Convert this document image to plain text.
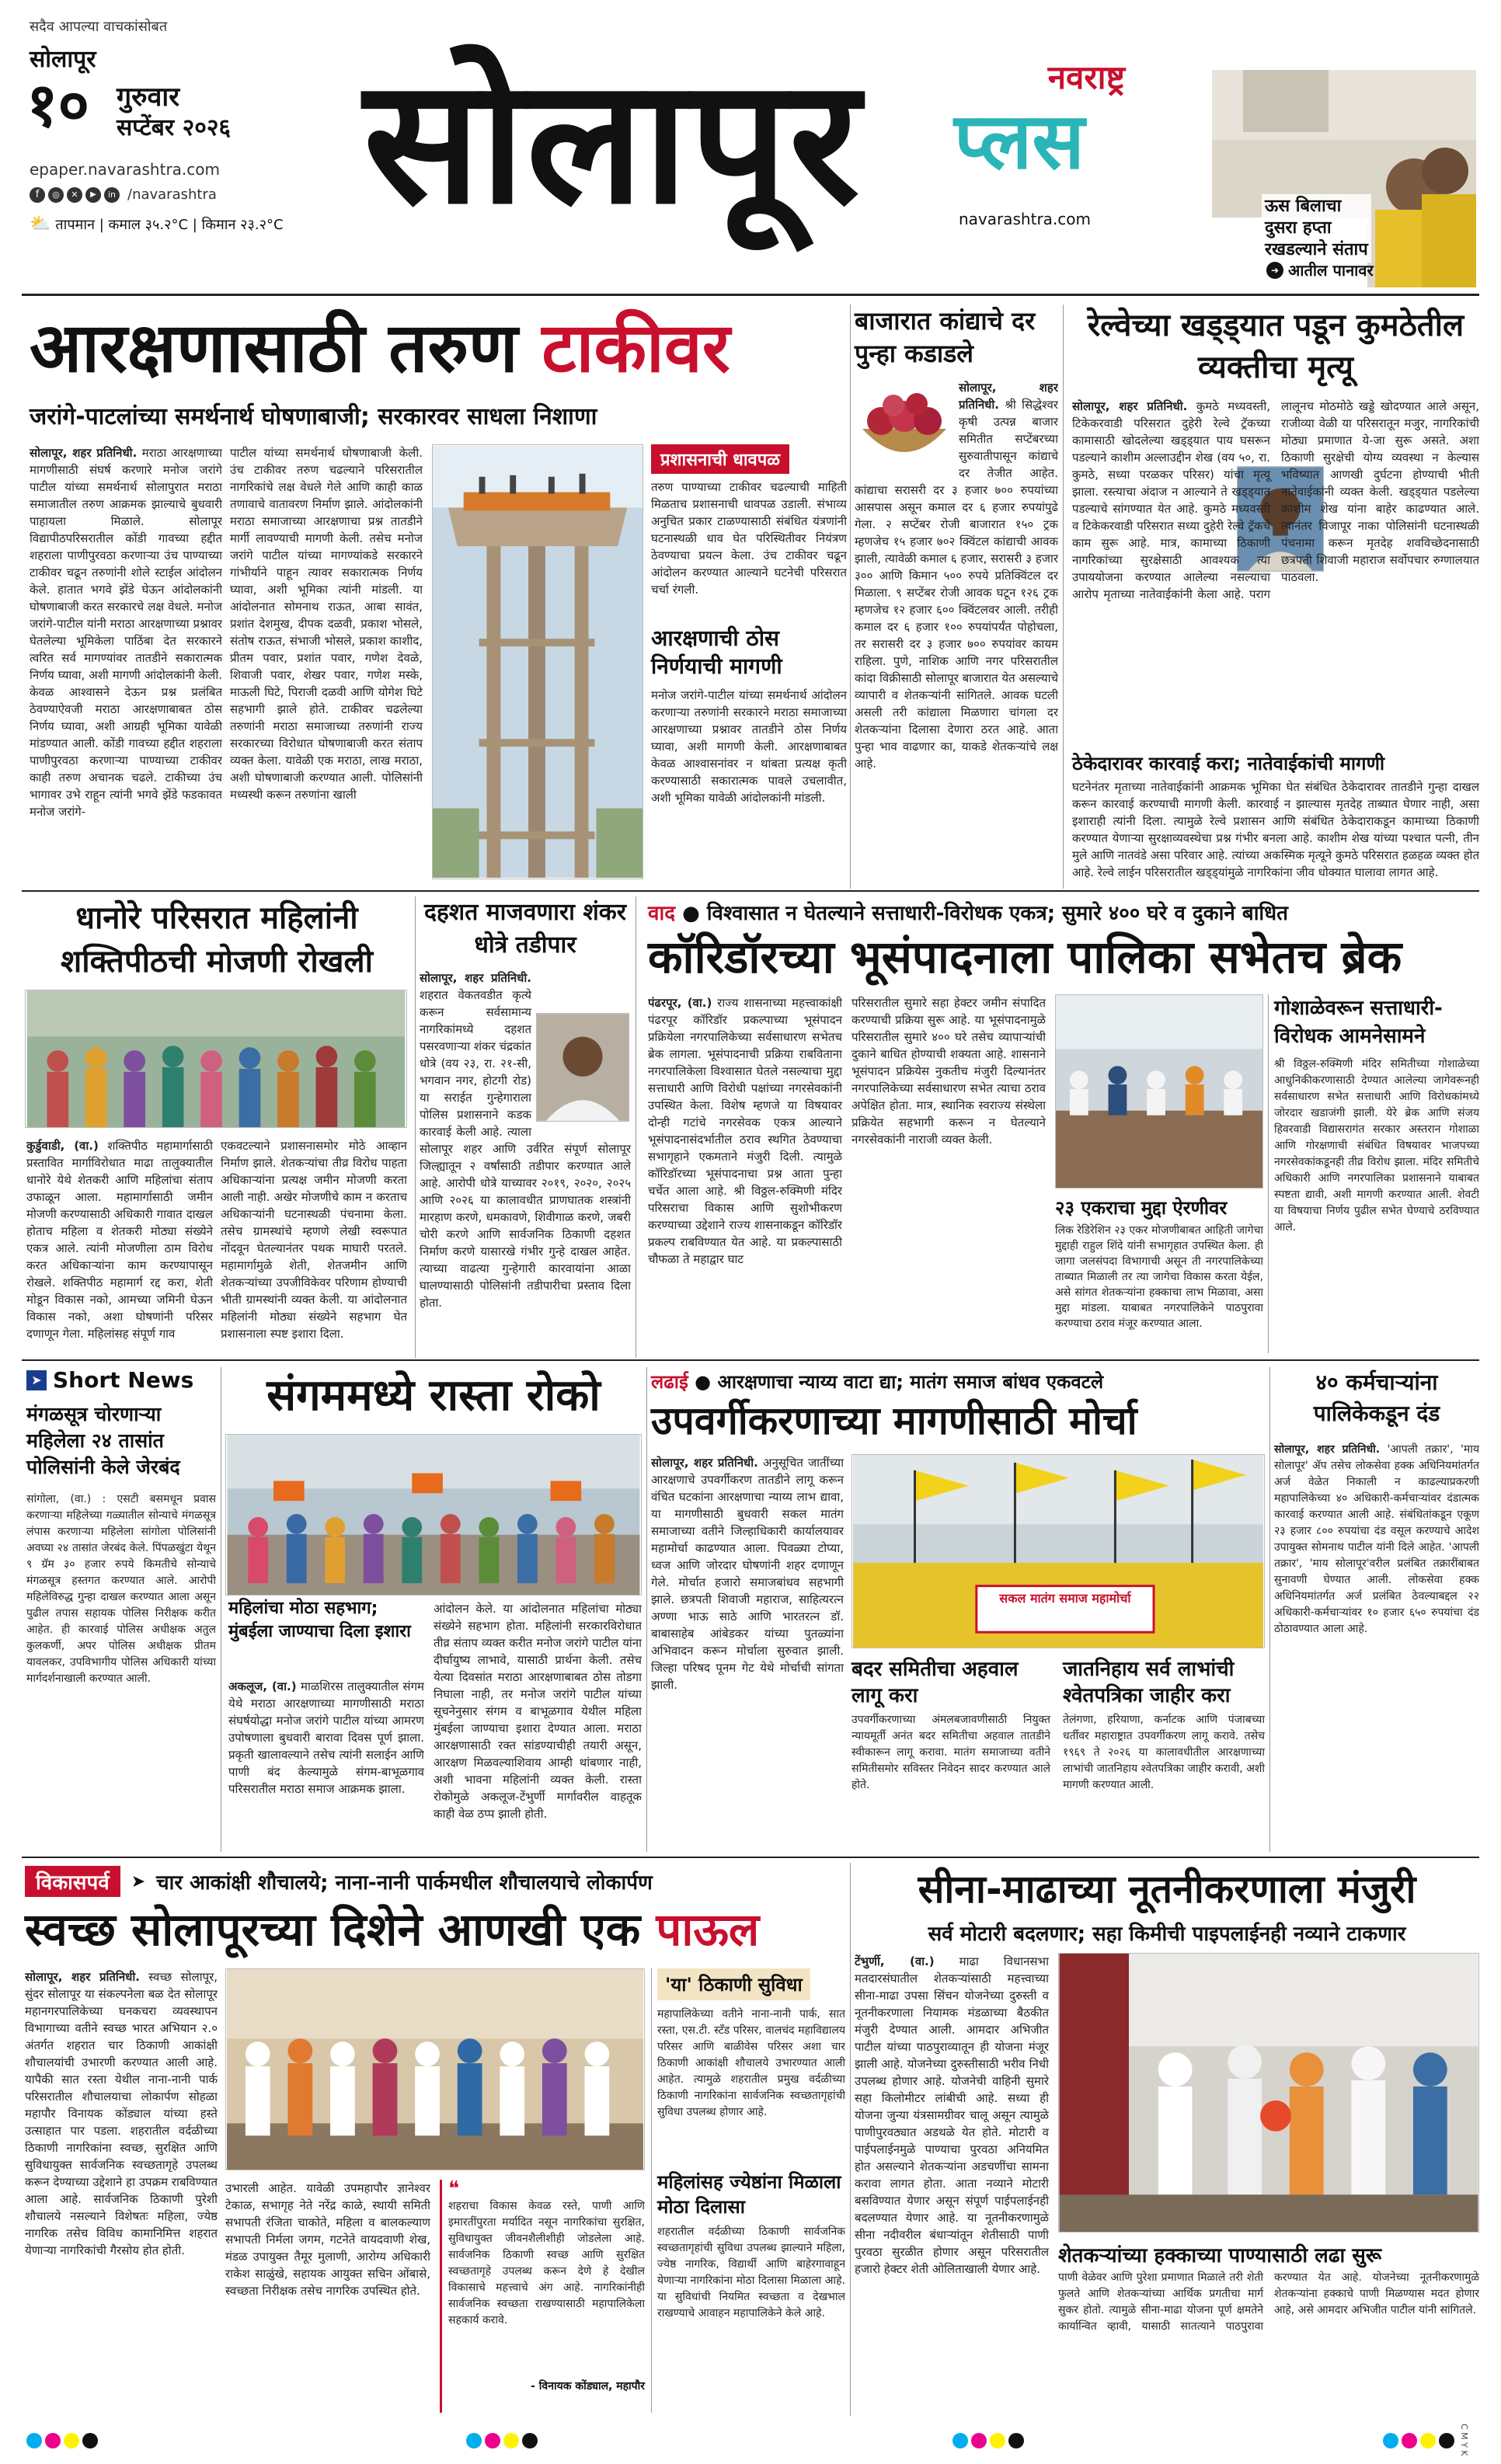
सदैव आपल्या वाचकांसोबत
सोलापूर
१० गुरुवार
सप्टेंबर २०२६
epaper.navarashtra.com
f	◎	✕	▶	in /navarashtra
⛅ तापमान | कमाल ३५.२°C | किमान २३.२°C सोलापूर	नवराष्ट्र
प्लस
navarashtra.com
ऊस बिलाचा
दुसरा हप्ता
रखडल्याने संताप
➜ आतील पानावर
आरक्षणासाठी तरुण टाकीवर
जरांगे-पाटलांच्या समर्थनार्थ घोषणाबाजी; सरकारवर साधला निशाणा
सोलापूर, शहर प्रतिनिधी. मराठा आरक्षणाच्या मागणीसाठी संघर्ष करणारे मनोज जरांगे पाटील यांच्या समर्थनार्थ सोलापुरात मराठा समाजातील तरुण आक्रमक झाल्याचे बुधवारी पाहायला मिळाले. सोलापूर विद्यापीठपरिसरातील कोंडी गावच्या हद्दीत शहराला पाणीपुरवठा करणाऱ्या उंच पाण्याच्या टाकीवर चढून तरुणांनी शोले स्टाईल आंदोलन केले. हातात भगवे झेंडे घेऊन आंदोलकांनी घोषणाबाजी करत सरकारचे लक्ष वेधले. मनोज जरांगे-पाटील यांनी मराठा आरक्षणाच्या प्रश्नावर घेतलेल्या भूमिकेला पाठिंबा देत सरकारने त्वरित सर्व मागण्यांवर तातडीने सकारात्मक निर्णय घ्यावा, अशी मागणी आंदोलकांनी केली. केवळ आश्वासने देऊन प्रश्न प्रलंबित ठेवण्याऐवजी मराठा आरक्षणाबाबत ठोस निर्णय घ्यावा, अशी आग्रही भूमिका यावेळी मांडण्यात आली. कोंडी गावच्या हद्दीत शहराला पाणीपुरवठा करणाऱ्या पाण्याच्या टाकीवर काही तरुण अचानक चढले. टाकीच्या उंच भागावर उभे राहून त्यांनी भगवे झेंडे फडकावत मनोज जरांगे-
पाटील यांच्या समर्थनार्थ घोषणाबाजी केली. उंच टाकीवर तरुण चढल्याने परिसरातील नागरिकांचे लक्ष वेधले गेले आणि काही काळ तणावाचे वातावरण निर्माण झाले. आंदोलकांनी मराठा समाजाच्या आरक्षणाचा प्रश्न तातडीने मार्गी लावण्याची मागणी केली. तसेच मनोज जरांगे पाटील यांच्या मागण्यांकडे सरकारने गांभीर्याने पाहून त्यावर सकारात्मक निर्णय घ्यावा, अशी भूमिका त्यांनी मांडली. या आंदोलनात सोमनाथ राऊत, आबा सावंत, प्रशांत देशमुख, दीपक दळवी, प्रकाश भोसले, संतोष राऊत, संभाजी भोसले, प्रकाश काशीद, प्रीतम पवार, प्रशांत पवार, गणेश देवळे, शिवाजी पवार, शेखर पवार, गणेश मस्के, माऊली घिटे, पिराजी दळवी आणि योगेश घिटे सहभागी झाले होते. टाकीवर चढलेल्या तरुणांनी मराठा समाजाच्या तरुणांनी राज्य सरकारच्या विरोधात घोषणाबाजी करत संताप व्यक्त केला. यावेळी एक मराठा, लाख मराठा, अशी घोषणाबाजी करण्यात आली. पोलिसांनी मध्यस्थी करून तरुणांना खाली
प्रशासनाची धावपळ
तरुण पाण्याच्या टाकीवर चढल्याची माहिती मिळताच प्रशासनाची धावपळ उडाली. संभाव्य अनुचित प्रकार टाळण्यासाठी संबंधित यंत्रणांनी घटनास्थळी धाव घेत परिस्थितीवर नियंत्रण ठेवण्याचा प्रयत्न केला. उंच टाकीवर चढून आंदोलन करण्यात आल्याने घटनेची परिसरात चर्चा रंगली.
आरक्षणाची ठोस निर्णयाची मागणी
मनोज जरांगे-पाटील यांच्या समर्थनार्थ आंदोलन करणाऱ्या तरुणांनी सरकारने मराठा समाजाच्या आरक्षणाच्या प्रश्नावर तातडीने ठोस निर्णय घ्यावा, अशी मागणी केली. आरक्षणाबाबत केवळ आश्वासनांवर न थांबता प्रत्यक्ष कृती करण्यासाठी सकारात्मक पावले उचलावीत, अशी भूमिका यावेळी आंदोलकांनी मांडली.
बाजारात कांद्याचे दर पुन्हा कडाडले
सोलापूर, शहर प्रतिनिधी. श्री सिद्धेश्वर कृषी उत्पन्न बाजार समितीत सप्टेंबरच्या सुरुवातीपासून कांद्याचे दर तेजीत आहेत. कांद्याचा सरासरी दर ३ हजार ७०० रुपयांच्या आसपास असून कमाल दर ६ हजार रुपयांपुढे गेला. २ सप्टेंबर रोजी बाजारात १५० ट्रक म्हणजेच १५ हजार ७०२ क्विंटल कांद्याची आवक झाली, त्यावेळी कमाल ६ हजार, सरासरी ३ हजार ३०० आणि किमान ५०० रुपये प्रतिक्विंटल दर मिळाला. ९ सप्टेंबर रोजी आवक घटून १२६ ट्रक म्हणजेच १२ हजार ६०० क्विंटलवर आली. तरीही कमाल दर ६ हजार १०० रुपयांपर्यंत पोहोचला, तर सरासरी दर ३ हजार ७०० रुपयांवर कायम राहिला. पुणे, नाशिक आणि नगर परिसरातील कांदा विक्रीसाठी सोलापूर बाजारात येत असल्याचे व्यापारी व शेतकऱ्यांनी सांगितले. आवक घटली असली तरी कांद्याला मिळणारा चांगला दर शेतकऱ्यांना दिलासा देणारा ठरत आहे. आता पुन्हा भाव वाढणार का, याकडे शेतकऱ्यांचे लक्ष आहे.
रेल्वेच्या खड्ड्यात पडून कुमठेतील व्यक्तीचा मृत्यू
सोलापूर, शहर प्रतिनिधी. कुमठे मध्यवस्ती, टिकेकरवाडी परिसरात दुहेरी रेल्वे ट्रॅकच्या कामासाठी खोदलेल्या खड्ड्यात पाय घसरून पडल्याने काशीम अल्लाउद्दीन शेख (वय ५०, रा. कुमठे, सध्या परळकर परिसर) यांचा मृत्यू झाला. रस्त्याचा अंदाज न आल्याने ते खड्ड्यात पडल्याचे सांगण्यात येत आहे. कुमठे मध्यवस्ती व टिकेकरवाडी परिसरात सध्या दुहेरी रेल्वे ट्रॅकचे काम सुरू आहे. मात्र, कामाच्या ठिकाणी नागरिकांच्या सुरक्षेसाठी आवश्यक त्या उपाययोजना करण्यात आलेल्या नसल्याचा आरोप मृताच्या नातेवाईकांनी केला आहे. पराग लालूनच मोठमोठे खड्डे खोदण्यात आले असून, राजीव्या वेळी या परिसरातून मजुर, नागरिकांची मोठ्या प्रमाणात ये-जा सुरू असते. अशा ठिकाणी सुरक्षेची योग्य व्यवस्था न केल्यास भविष्यात आणखी दुर्घटना होण्याची भीती नातेवाईकांनी व्यक्त केली. खड्ड्यात पडलेल्या काशीम शेख यांना बाहेर काढण्यात आले. त्यानंतर विजापूर नाका पोलिसांनी घटनास्थळी पंचनामा करून मृतदेह शवविच्छेदनासाठी छत्रपती शिवाजी महाराज सर्वोपचार रुग्णालयात पाठवला.
ठेकेदारावर कारवाई करा; नातेवाईकांची मागणी
घटनेनंतर मृताच्या नातेवाईकांनी आक्रमक भूमिका घेत संबंधित ठेकेदारावर तातडीने गुन्हा दाखल करून कारवाई करण्याची मागणी केली. कारवाई न झाल्यास मृतदेह ताब्यात घेणार नाही, असा इशाराही त्यांनी दिला. त्यामुळे रेल्वे प्रशासन आणि संबंधित ठेकेदाराकडून कामाच्या ठिकाणी करण्यात येणाऱ्या सुरक्षाव्यवस्थेचा प्रश्न गंभीर बनला आहे. काशीम शेख यांच्या पश्चात पत्नी, तीन मुले आणि नातवंडे असा परिवार आहे. त्यांच्या अकस्मिक मृत्यूने कुमठे परिसरात हळहळ व्यक्त होत आहे. रेल्वे लाईन परिसरातील खड्ड्यांमुळे नागरिकांना जीव धोक्यात घालावा लागत आहे.
धानोरे परिसरात महिलांनी शक्तिपीठची मोजणी रोखली
कुर्डुवाडी, (वा.) शक्तिपीठ महामार्गासाठी प्रस्तावित मार्गाविरोधात माढा तालुक्यातील धानोरे येथे शेतकरी आणि महिलांचा संताप उफाळून आला. महामार्गासाठी जमीन मोजणी करण्यासाठी अधिकारी गावात दाखल होताच महिला व शेतकरी मोठ्या संख्येने एकत्र आले. त्यांनी मोजणीला ठाम विरोध करत अधिकाऱ्यांना काम करण्यापासून रोखले. शक्तिपीठ महामार्ग रद्द करा, शेती मोडून विकास नको, आमच्या जमिनी घेऊन विकास नको, अशा घोषणांनी परिसर दणाणून गेला. महिलांसह संपूर्ण गाव
एकवटल्याने प्रशासनासमोर मोठे आव्हान निर्माण झाले. शेतकऱ्यांचा तीव्र विरोध पाहता अधिकाऱ्यांना प्रत्यक्ष जमीन मोजणी करता आली नाही. अखेर मोजणीचे काम न करताच अधिकाऱ्यांनी घटनास्थळी पंचनामा केला. तसेच ग्रामस्थांचे म्हणणे लेखी स्वरूपात नोंदवून घेतल्यानंतर पथक माघारी परतले. महामार्गामुळे शेती, शेतजमीन आणि शेतकऱ्यांच्या उपजीविकेवर परिणाम होण्याची भीती ग्रामस्थांनी व्यक्त केली. या आंदोलनात महिलांनी मोठ्या संख्येने सहभाग घेत प्रशासनाला स्पष्ट इशारा दिला.
दहशत माजवणारा शंकर धोत्रे तडीपार
सोलापूर, शहर प्रतिनिधी. शहरात वेकतवडीत कृत्ये करून सर्वसामान्य नागरिकांमध्ये दहशत पसरवणाऱ्या शंकर चंद्रकांत धोत्रे (वय २३, रा. २१-सी, भगवान नगर, होटगी रोड) या सराईत गुन्हेगाराला पोलिस प्रशासनाने कडक कारवाई केली आहे. त्याला सोलापूर शहर आणि उर्वरित संपूर्ण सोलापूर जिल्ह्यातून २ वर्षांसाठी तडीपार करण्यात आले आहे. आरोपी धोत्रे याच्यावर २०१९, २०२०, २०२५ आणि २०२६ या कालावधीत प्राणघातक शस्त्रांनी मारहाण करणे, धमकावणे, शिवीगाळ करणे, जबरी चोरी करणे आणि सार्वजनिक ठिकाणी दहशत निर्माण करणे यासारखे गंभीर गुन्हे दाखल आहेत. त्याच्या वाढत्या गुन्हेगारी कारवायांना आळा घालण्यासाठी पोलिसांनी तडीपारीचा प्रस्ताव दिला होता.
वाद ● विश्वासात न घेतल्याने सत्ताधारी-विरोधक एकत्र; सुमारे ४०० घरे व दुकाने बाधित
कॉरिडॉरच्या भूसंपादनाला पालिका सभेतच ब्रेक
पंढरपूर, (वा.) राज्य शासनाच्या महत्त्वाकांक्षी पंढरपूर कॉरिडॉर प्रकल्पाच्या भूसंपादन प्रक्रियेला नगरपालिकेच्या सर्वसाधारण सभेतच ब्रेक लागला. भूसंपादनाची प्रक्रिया राबविताना नगरपालिकेला विश्वासात घेतले नसल्याचा मुद्दा सत्ताधारी आणि विरोधी पक्षांच्या नगरसेवकांनी उपस्थित केला. विशेष म्हणजे या विषयावर दोन्ही गटांचे नगरसेवक एकत्र आल्याने भूसंपादनासंदर्भातील ठराव स्थगित ठेवण्याचा सभागृहाने एकमताने मंजुरी दिली. त्यामुळे कॉरिडॉरच्या भूसंपादनाचा प्रश्न आता पुन्हा चर्चेत आला आहे. श्री विठ्ठल-रुक्मिणी मंदिर परिसराचा विकास आणि सुशोभीकरण करण्याच्या उद्देशाने राज्य शासनाकडून कॉरिडॉर प्रकल्प राबविण्यात येत आहे. या प्रकल्पासाठी चौफळा ते महाद्वार घाट
परिसरातील सुमारे सहा हेक्टर जमीन संपादित करण्याची प्रक्रिया सुरू आहे. या भूसंपादनामुळे परिसरातील सुमारे ४०० घरे तसेच व्यापाऱ्यांची दुकाने बाधित होण्याची शक्यता आहे. शासनाने भूसंपादन प्रक्रियेस नुकतीच मंजुरी दिल्यानंतर नगरपालिकेच्या सर्वसाधारण सभेत त्याचा ठराव अपेक्षित होता. मात्र, स्थानिक स्वराज्य संस्थेला प्रक्रियेत सहभागी करून न घेतल्याने नगरसेवकांनी नाराजी व्यक्त केली.
२३ एकराचा मुद्दा ऐरणीवर
लिक रेडिरेशिन २३ एकर मोजणीबाबत आहिती जागेचा मुद्दाही राहुल शिंदे यांनी सभागृहात उपस्थित केला. ही जागा जलसंपदा विभागाची असून ती नगरपालिकेच्या ताब्यात मिळाली तर त्या जागेचा विकास करता येईल, असे सांगत शेतकऱ्यांना हक्काचा लाभ मिळावा, असा मुद्दा मांडला. याबाबत नगरपालिकेने पाठपुरावा करण्याचा ठराव मंजूर करण्यात आला.
गोशाळेवरून सत्ताधारी-विरोधक आमनेसामने
श्री विठ्ठल-रुक्मिणी मंदिर समितीच्या गोशाळेच्या आधुनिकीकरणासाठी देण्यात आलेल्या जागेवरूनही सर्वसाधारण सभेत सत्ताधारी आणि विरोधकांमध्ये जोरदार खडाजंगी झाली. येरे ब्रेक आणि संजय हिवरवाडी विद्यासरागंत सरकार अस्तरान गोशाळा आणि गोरक्षणाची संबंधित विषयावर भाजपच्या नगरसेवकांकडूनही तीव्र विरोध झाला. मंदिर समितीचे अधिकारी आणि नगरपालिका प्रशासनाने याबाबत स्पष्टता द्यावी, अशी मागणी करण्यात आली. शेवटी या विषयाचा निर्णय पुढील सभेत घेण्याचे ठरविण्यात आले.
➤ Short News
मंगळसूत्र चोरणाऱ्या महिलेला २४ तासांत पोलिसांनी केले जेरबंद
सांगोला, (वा.) : एसटी बसमधून प्रवास करणाऱ्या महिलेच्या गळ्यातील सोन्याचे मंगळसूत्र लंपास करणाऱ्या महिलेला सांगोला पोलिसांनी अवघ्या २४ तासांत जेरबंद केले. पिंपळखुंटा येथून ९ ग्रॅम ३० हजार रुपये किमतीचे सोन्याचे मंगळसूत्र हस्तगत करण्यात आले. आरोपी महिलेविरुद्ध गुन्हा दाखल करण्यात आला असून पुढील तपास सहायक पोलिस निरीक्षक करीत आहेत. ही कारवाई पोलिस अधीक्षक अतुल कुलकर्णी, अपर पोलिस अधीक्षक प्रीतम यावलकर, उपविभागीय पोलिस अधिकारी यांच्या मार्गदर्शनाखाली करण्यात आली.
संगममध्ये रास्ता रोको
महिलांचा मोठा सहभाग; मुंबईला जाण्याचा दिला इशारा
अकलूज, (वा.) माळशिरस तालुक्यातील संगम येथे मराठा आरक्षणाच्या मागणीसाठी मराठा संघर्षयोद्धा मनोज जरांगे पाटील यांच्या आमरण उपोषणाला बुधवारी बारावा दिवस पूर्ण झाला. प्रकृती खालावल्याने तसेच त्यांनी सलाईन आणि पाणी बंद केल्यामुळे संगम-बाभूळगाव परिसरातील मराठा समाज आक्रमक झाला.
आंदोलन केले. या आंदोलनात महिलांचा मोठ्या संख्येने सहभाग होता. महिलांनी सरकारविरोधात तीव्र संताप व्यक्त करीत मनोज जरांगे पाटील यांना दीर्घायुष्य लाभावे, यासाठी प्रार्थना केली. तसेच येत्या दिवसांत मराठा आरक्षणाबाबत ठोस तोडगा निघाला नाही, तर मनोज जरांगे पाटील यांच्या सूचनेनुसार संगम व बाभूळगाव येथील महिला मुंबईला जाण्याचा इशारा देण्यात आला. मराठा आरक्षणासाठी रक्त सांडण्याचीही तयारी असून, आरक्षण मिळवल्याशिवाय आम्ही थांबणार नाही, अशी भावना महिलांनी व्यक्त केली. रास्ता रोकोमुळे अकलूज-टेंभुर्णी मार्गावरील वाहतूक काही वेळ ठप्प झाली होती.
लढाई ● आरक्षणाचा न्याय्य वाटा द्या; मातंग समाज बांधव एकवटले
उपवर्गीकरणाच्या मागणीसाठी मोर्चा
सोलापूर, शहर प्रतिनिधी. अनुसूचित जातींच्या आरक्षणाचे उपवर्गीकरण तातडीने लागू करून वंचित घटकांना आरक्षणाचा न्याय्य लाभ द्यावा, या मागणीसाठी बुधवारी सकल मातंग समाजाच्या वतीने जिल्हाधिकारी कार्यालयावर महामोर्चा काढण्यात आला. पिवळ्या टोप्या, ध्वज आणि जोरदार घोषणांनी शहर दणाणून गेले. मोर्चात हजारो समाजबांधव सहभागी झाले. छत्रपती शिवाजी महाराज, साहित्यरत्न अण्णा भाऊ साठे आणि भारतरत्न डॉ. बाबासाहेब आंबेडकर यांच्या पुतळ्यांना अभिवादन करून मोर्चाला सुरुवात झाली. जिल्हा परिषद पूनम गेट येथे मोर्चाची सांगता झाली.
सकल मातंग समाज महामोर्चा
बदर समितीचा अहवाल लागू करा
उपवर्गीकरणाच्या अंमलबजावणीसाठी नियुक्त न्यायमूर्ती अनंत बदर समितीचा अहवाल तातडीने स्वीकारून लागू करावा. मातंग समाजाच्या वतीने समितीसमोर सविस्तर निवेदन सादर करण्यात आले होते.
जातनिहाय सर्व लाभांची श्वेतपत्रिका जाहीर करा
तेलंगणा, हरियाणा, कर्नाटक आणि पंजाबच्या धर्तीवर महाराष्ट्रात उपवर्गीकरण लागू करावे. तसेच १९६९ ते २०२६ या कालावधीतील आरक्षणाच्या लाभांची जातनिहाय श्वेतपत्रिका जाहीर करावी, अशी मागणी करण्यात आली.
४० कर्मचाऱ्यांना पालिकेकडून दंड
सोलापूर, शहर प्रतिनिधी. 'आपली तक्रार', 'माय सोलापूर' ॲप तसेच लोकसेवा हक्क अधिनियमांतर्गत अर्ज वेळेत निकाली न काढल्याप्रकरणी महापालिकेच्या ४० अधिकारी-कर्मचाऱ्यांवर दंडात्मक कारवाई करण्यात आली आहे. संबंधितांकडून एकूण २३ हजार ८०० रुपयांचा दंड वसूल करण्याचे आदेश उपायुक्त सोमनाथ पाटील यांनी दिले आहेत. 'आपली तक्रार', 'माय सोलापूर'वरील प्रलंबित तक्रारींबाबत सुनावणी घेण्यात आली. लोकसेवा हक्क अधिनियमांतर्गत अर्ज प्रलंबित ठेवल्याबद्दल २२ अधिकारी-कर्मचाऱ्यांवर १० हजार ६५० रुपयांचा दंड ठोठावण्यात आला आहे.
विकासपर्व	➤ चार आकांक्षी शौचालये; नाना-नानी पार्कमधील शौचालयाचे लोकार्पण
स्वच्छ सोलापूरच्या दिशेने आणखी एक पाऊल
सोलापूर, शहर प्रतिनिधी. स्वच्छ सोलापूर, सुंदर सोलापूर या संकल्पनेला बळ देत सोलापूर महानगरपालिकेच्या घनकचरा व्यवस्थापन विभागाच्या वतीने स्वच्छ भारत अभियान २.० अंतर्गत शहरात चार ठिकाणी आकांक्षी शौचालयांची उभारणी करण्यात आली आहे. यापैकी सात रस्ता येथील नाना-नानी पार्क परिसरातील शौचालयाचा लोकार्पण सोहळा महापौर विनायक कोंड्याल यांच्या हस्ते उत्साहात पार पडला. शहरातील वर्दळीच्या ठिकाणी नागरिकांना स्वच्छ, सुरक्षित आणि सुविधायुक्त सार्वजनिक स्वच्छतागृहे उपलब्ध करून देण्याच्या उद्देशाने हा उपक्रम राबविण्यात आला आहे. सार्वजनिक ठिकाणी पुरेशी शौचालये नसल्याने विशेषतः महिला, ज्येष्ठ नागरिक तसेच विविध कामानिमित्त शहरात येणाऱ्या नागरिकांची गैरसोय होत होती.
उभारली आहेत. यावेळी उपमहापौर ज्ञानेश्वर टेकाळ, सभागृह नेते नरेंद्र काळे, स्थायी समिती सभापती रंजिता चाकोते, महिला व बालकल्याण सभापती निर्मला जगम, गटनेते वायदवाणी शेख, मंडळ उपायुक्त तैमूर मुलाणी, आरोग्य अधिकारी राकेश साळुंखे, सहायक आयुक्त सचिन ओंबासे, स्वच्छता निरीक्षक तसेच नागरिक उपस्थित होते.
❝
शहराचा विकास केवळ रस्ते, पाणी आणि इमारतींपुरता मर्यादित नसून नागरिकांचा सुरक्षित, सुविधायुक्त जीवनशैलीशीही जोडलेला आहे. सार्वजनिक ठिकाणी स्वच्छ आणि सुरक्षित स्वच्छतागृहे उपलब्ध करून देणे हे देखील विकासाचे महत्त्वाचे अंग आहे. नागरिकांनीही सार्वजनिक स्वच्छता राखण्यासाठी महापालिकेला सहकार्य करावे.
- विनायक कोंड्याल, महापौर
'या' ठिकाणी सुविधा
महापालिकेच्या वतीने नाना-नानी पार्क, सात रस्ता, एस.टी. स्टँड परिसर, वालचंद महाविद्यालय परिसर आणि बाळीवेस परिसर अशा चार ठिकाणी आकांक्षी शौचालये उभारण्यात आली आहेत. त्यामुळे शहरातील प्रमुख वर्दळीच्या ठिकाणी नागरिकांना सार्वजनिक स्वच्छतागृहांची सुविधा उपलब्ध होणार आहे.
महिलांसह ज्येष्ठांना मिळाला मोठा दिलासा
शहरातील वर्दळीच्या ठिकाणी सार्वजनिक स्वच्छतागृहांची सुविधा उपलब्ध झाल्याने महिला, ज्येष्ठ नागरिक, विद्यार्थी आणि बाहेरगावाहून येणाऱ्या नागरिकांना मोठा दिलासा मिळाला आहे. या सुविधांची नियमित स्वच्छता व देखभाल राखण्याचे आवाहन महापालिकेने केले आहे.
सीना-माढाच्या नूतनीकरणाला मंजुरी
सर्व मोटारी बदलणार; सहा किमीची पाइपलाईनही नव्याने टाकणार
टेंभुर्णी, (वा.) माढा विधानसभा मतदारसंघातील शेतकऱ्यांसाठी महत्त्वाच्या सीना-माढा उपसा सिंचन योजनेच्या दुरुस्ती व नूतनीकरणाला नियामक मंडळाच्या बैठकीत मंजुरी देण्यात आली. आमदार अभिजीत पाटील यांच्या पाठपुराव्यातून ही योजना मंजूर झाली आहे. योजनेच्या दुरुस्तीसाठी भरीव निधी उपलब्ध होणार आहे. योजनेची वाहिनी सुमारे सहा किलोमीटर लांबीची आहे. सध्या ही योजना जुन्या यंत्रसामग्रीवर चालू असून त्यामुळे पाणीपुरवठ्यात अडथळे येत होते. मोटारी व पाईपलाईनमुळे पाण्याचा पुरवठा अनियमित होत असल्याने शेतकऱ्यांना अडचणींचा सामना करावा लागत होता. आता नव्याने मोटारी बसविण्यात येणार असून संपूर्ण पाईपलाईनही बदलण्यात येणार आहे. या नूतनीकरणामुळे सीना नदीवरील बंधाऱ्यांतून शेतीसाठी पाणी पुरवठा सुरळीत होणार असून परिसरातील हजारो हेक्टर शेती ओलिताखाली येणार आहे.
शेतकऱ्यांच्या हक्काच्या पाण्यासाठी लढा सुरू
पाणी वेळेवर आणि पुरेशा प्रमाणात मिळाले तरी शेती फुलते आणि शेतकऱ्यांच्या आर्थिक प्रगतीचा मार्ग सुकर होतो. त्यामुळे सीना-माढा योजना पूर्ण क्षमतेने कार्यान्वित व्हावी, यासाठी सातत्याने पाठपुरावा करण्यात येत आहे. योजनेच्या नूतनीकरणामुळे शेतकऱ्यांना हक्काचे पाणी मिळण्यास मदत होणार आहे, असे आमदार अभिजीत पाटील यांनी सांगितले.
C M Y K
